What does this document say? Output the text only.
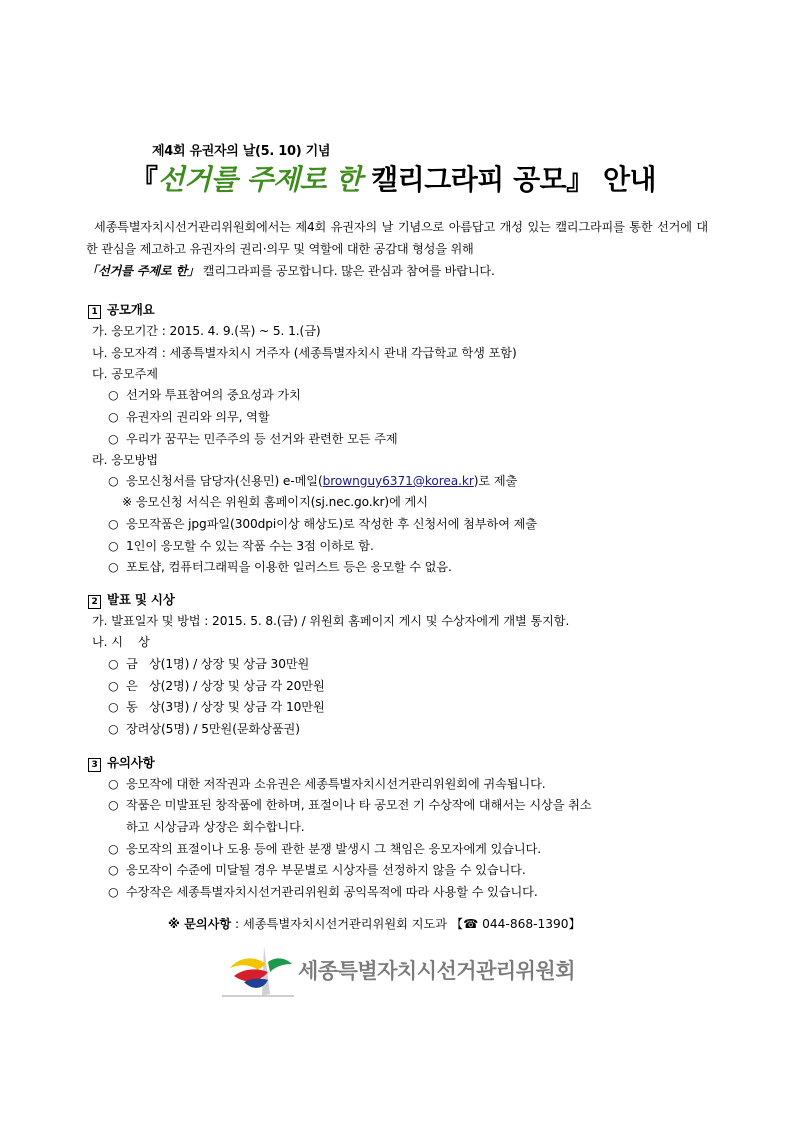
제4회 유권자의 날(5. 10) 기념
『선거를 주제로 한 캘리그라피 공모』 안내
세종특별자치시선거관리위원회에서는 제4회 유권자의 날 기념으로 아름답고 개성 있는 캘리그라피를 통한 선거에 대한 관심을 제고하고 유권자의 권리·의무 및 역할에 대한 공감대 형성을 위해「선거를 주제로 한」 캘리그라피를 공모합니다. 많은 관심과 참여를 바랍니다.
1 공모개요
가. 응모기간 : 2015. 4. 9.(목) ~ 5. 1.(금)
나. 응모자격 : 세종특별자치시 거주자 (세종특별자치시 관내 각급학교 학생 포함)
다. 공모주제
○ 선거와 투표참여의 중요성과 가치
○ 유권자의 권리와 의무, 역할
○ 우리가 꿈꾸는 민주주의 등 선거와 관련한 모든 주제
라. 응모방법
○ 응모신청서를 담당자(신용민) e-메일(brownguy6371@korea.kr)로 제출
※ 응모신청 서식은 위원회 홈페이지(sj.nec.go.kr)에 게시
○ 응모작품은 jpg파일(300dpi이상 해상도)로 작성한 후 신청서에 첨부하여 제출
○ 1인이 응모할 수 있는 작품 수는 3점 이하로 함.
○ 포토샵, 컴퓨터그래픽을 이용한 일러스트 등은 응모할 수 없음.
2 발표 및 시상
가. 발표일자 및 방법 : 2015. 5. 8.(금) / 위원회 홈페이지 게시 및 수상자에게 개별 통지함.
나. 시    상
○ 금   상(1명) / 상장 및 상금 30만원
○ 은   상(2명) / 상장 및 상금 각 20만원
○ 동   상(3명) / 상장 및 상금 각 10만원
○ 장려상(5명) / 5만원(문화상품권)
3 유의사항
○ 응모작에 대한 저작권과 소유권은 세종특별자치시선거관리위원회에 귀속됩니다.
○ 작품은 미발표된 창작품에 한하며, 표절이나 타 공모전 기 수상작에 대해서는 시상을 취소
하고 시상금과 상장은 회수합니다.
○ 응모작의 표절이나 도용 등에 관한 분쟁 발생시 그 책임은 응모자에게 있습니다.
○ 응모작이 수준에 미달될 경우 부문별로 시상자를 선정하지 않을 수 있습니다.
○ 수장작은 세종특별자치시선거관리위원회 공익목적에 따라 사용할 수 있습니다.
※ 문의사항 : 세종특별자치시선거관리위원회 지도과 【☎ 044-868-1390】
세종특별자치시선거관리위원회
